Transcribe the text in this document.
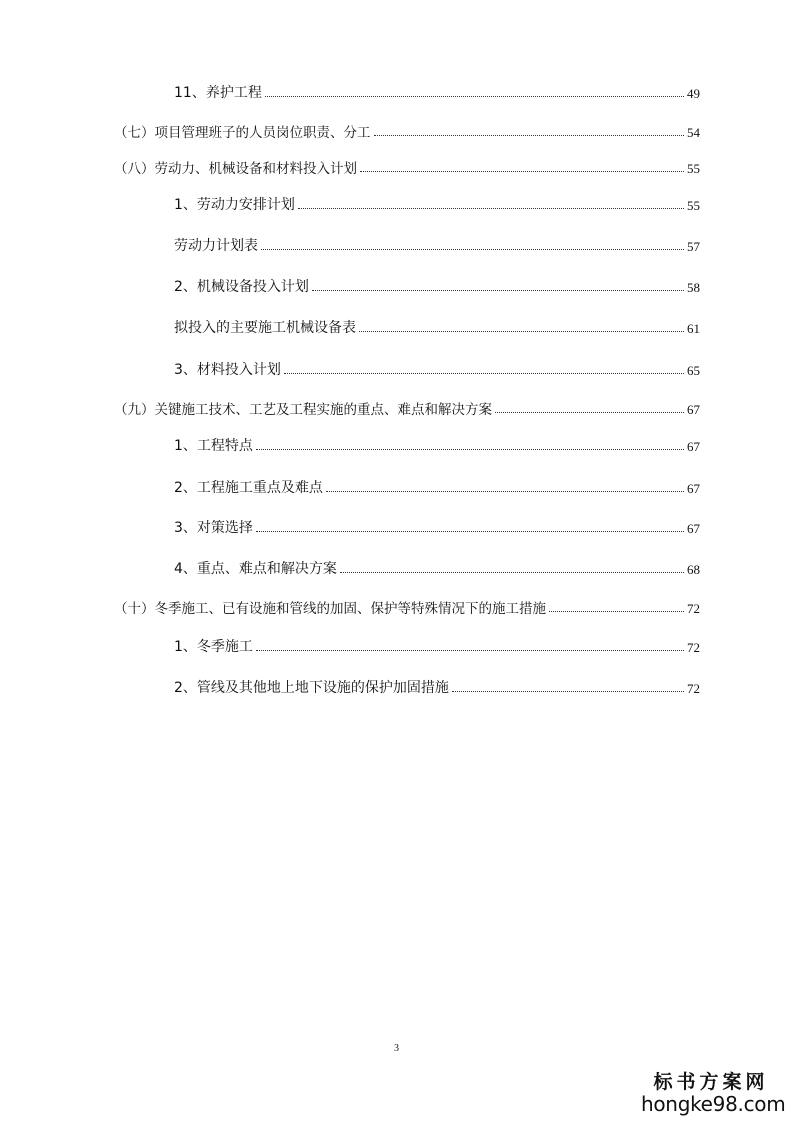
11、养护工程	49
（七）项目管理班子的人员岗位职责、分工	54
（八）劳动力、机械设备和材料投入计划	55
1、劳动力安排计划	55
劳动力计划表	57
2、机械设备投入计划	58
拟投入的主要施工机械设备表	61
3、材料投入计划	65
（九）关键施工技术、工艺及工程实施的重点、难点和解决方案	67
1、工程特点	67
2、工程施工重点及难点	67
3、对策选择	67
4、重点、难点和解决方案	68
（十）冬季施工、已有设施和管线的加固、保护等特殊情况下的施工措施	72
1、冬季施工	72
2、管线及其他地上地下设施的保护加固措施	72
3
标书方案网
hongke98.com
